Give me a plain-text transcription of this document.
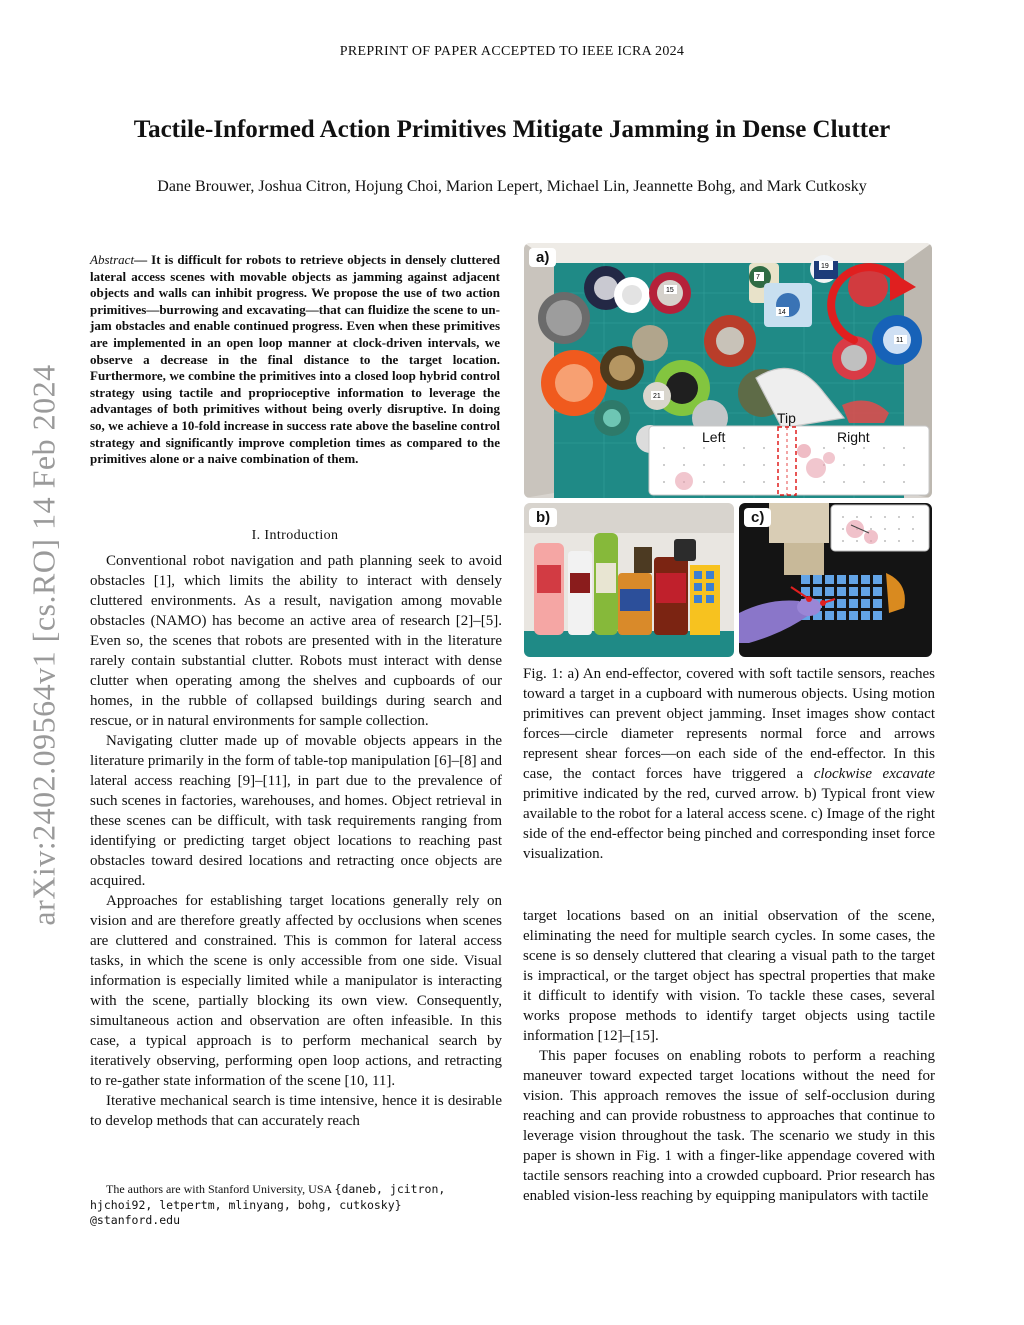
PREPRINT OF PAPER ACCEPTED TO IEEE ICRA 2024
Tactile-Informed Action Primitives Mitigate Jamming in Dense Clutter
Dane Brouwer, Joshua Citron, Hojung Choi, Marion Lepert, Michael Lin, Jeannette Bohg, and Mark Cutkosky
arXiv:2402.09564v1 [cs.RO] 14 Feb 2024
Abstract— It is difficult for robots to retrieve objects in densely cluttered lateral access scenes with movable objects as jamming against adjacent objects and walls can inhibit progress. We propose the use of two action primitives—burrowing and excavating—that can fluidize the scene to un-jam obstacles and enable continued progress. Even when these primitives are implemented in an open loop manner at clock-driven intervals, we observe a decrease in the final distance to the target location. Furthermore, we combine the primitives into a closed loop hybrid control strategy using tactile and proprioceptive information to leverage the advantages of both primitives without being overly disruptive. In doing so, we achieve a 10-fold increase in success rate above the baseline control strategy and significantly improve completion times as compared to the primitives alone or a naive combination of them.
I. Introduction

Conventional robot navigation and path planning seek to avoid obstacles [1], which limits the ability to interact with densely cluttered environments. As a result, navigation among movable obstacles (NAMO) has become an active area of research [2]–[5]. Even so, the scenes that robots are presented with in the literature rarely contain substantial clutter. Robots must interact with dense clutter when operating among the shelves and cupboards of our homes, in the rubble of collapsed buildings during search and rescue, or in natural environments for sample collection.

Navigating clutter made up of movable objects appears in the literature primarily in the form of table-top manipulation [6]–[8] and lateral access reaching [9]–[11], in part due to the prevalence of such scenes in factories, warehouses, and homes. Object retrieval in these scenes can be difficult, with task requirements ranging from identifying or predicting target object locations to reaching past obstacles toward desired locations and retracting once objects are acquired.

Approaches for establishing target locations generally rely on vision and are therefore greatly affected by occlusions when scenes are cluttered and constrained. This is common for lateral access tasks, in which the scene is only accessible from one side. Visual information is especially limited while a manipulator is interacting with the scene, partially blocking its own view. Consequently, simultaneous action and observation are often infeasible. In this case, a typical approach is to perform mechanical search by iteratively observing, performing open loop actions, and retracting to re-gather state information of the scene [10, 11].

Iterative mechanical search is time intensive, hence it is desirable to develop methods that can accurately reach

The authors are with Stanford University, USA {daneb, jcitron, hjchoi92, letpertm, mlinyang, bohg, cutkosky}
@stanford.edu
19
7
15
14
11
21
Left
Tip
Right
a)
b)	c)
Fig. 1: a) An end-effector, covered with soft tactile sensors, reaches toward a target in a cupboard with numerous objects. Using motion primitives can prevent object jamming. Inset images show contact forces—circle diameter represents normal force and arrows represent shear forces—on each side of the end-effector. In this case, the contact forces have triggered a clockwise excavate primitive indicated by the red, curved arrow. b) Typical front view available to the robot for a lateral access scene. c) Image of the right side of the end-effector being pinched and corresponding inset force visualization.

target locations based on an initial observation of the scene, eliminating the need for multiple search cycles. In some cases, the scene is so densely cluttered that clearing a visual path to the target is impractical, or the target object has spectral properties that make it difficult to identify with vision. To tackle these cases, several works propose methods to identify target objects using tactile information [12]–[15].

This paper focuses on enabling robots to perform a reaching maneuver toward expected target locations without the need for vision. This approach removes the issue of self-occlusion during reaching and can provide robustness to approaches that continue to leverage vision throughout the task. The scenario we study in this paper is shown in Fig. 1 with a finger-like appendage covered with tactile sensors reaching into a crowded cupboard. Prior research has enabled vision-less reaching by equipping manipulators with tactile
